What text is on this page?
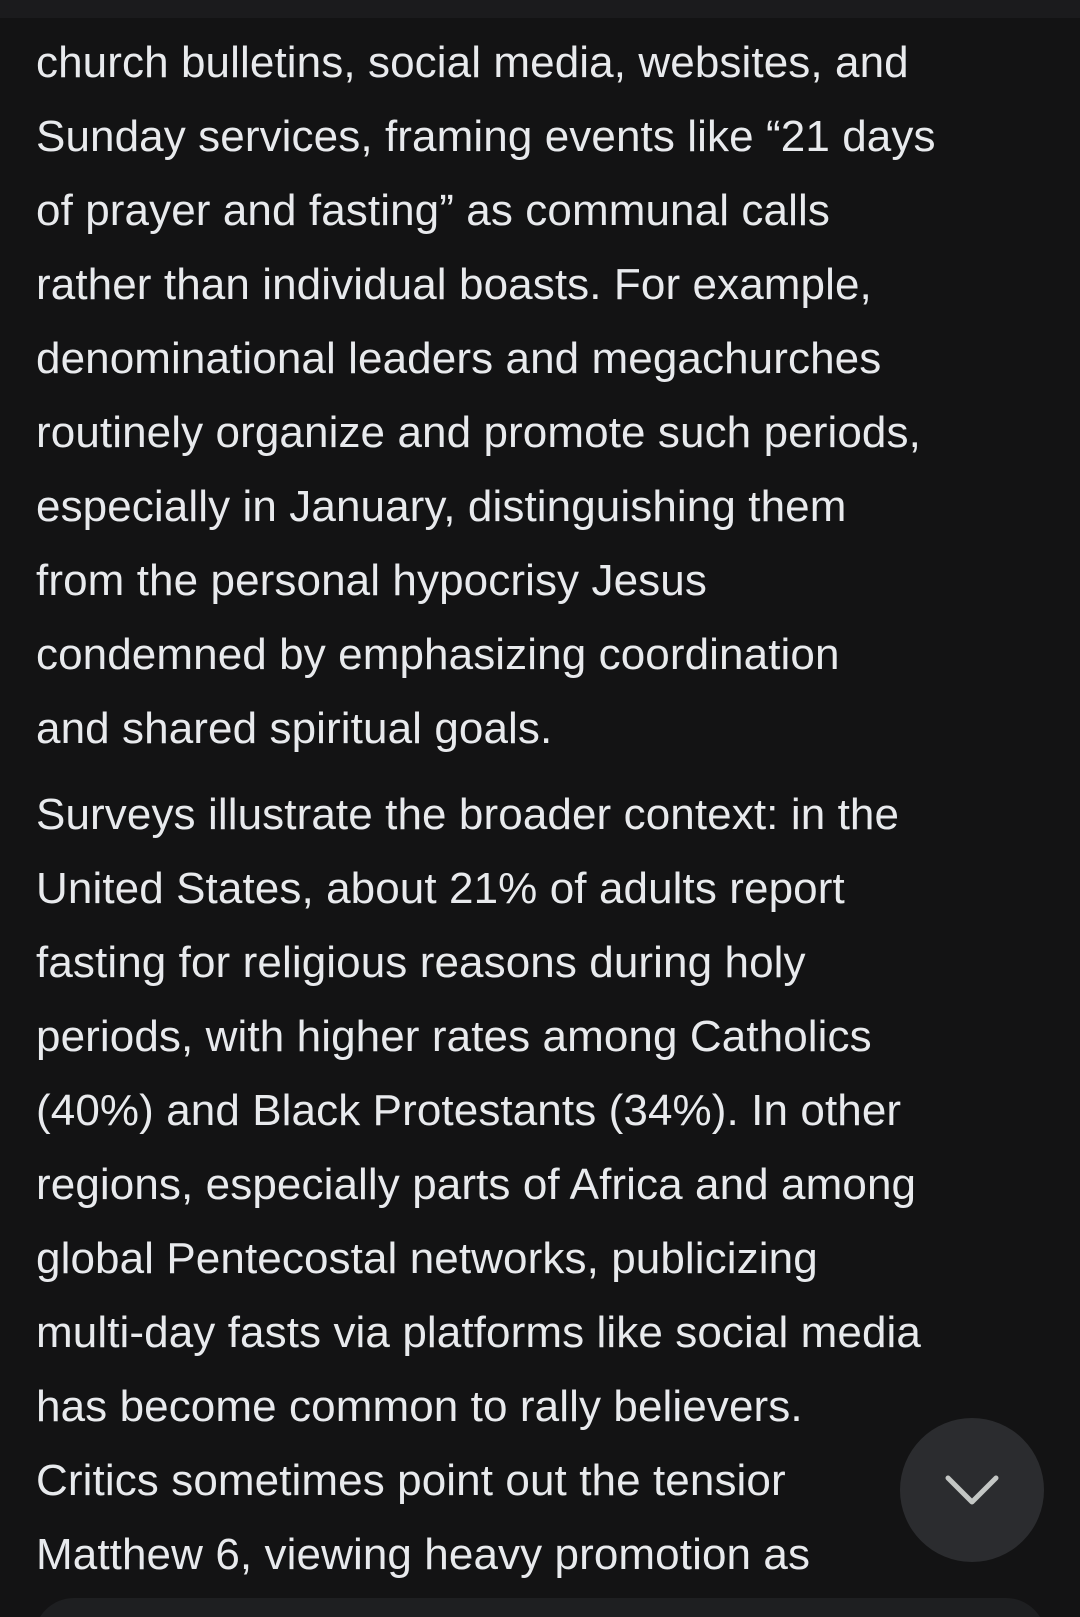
church bulletins, social media, websites, and
Sunday services, framing events like “21 days
of prayer and fasting” as communal calls
rather than individual boasts. For example,
denominational leaders and megachurches
routinely organize and promote such periods,
especially in January, distinguishing them
from the personal hypocrisy Jesus
condemned by emphasizing coordination
and shared spiritual goals.

Surveys illustrate the broader context: in the
United States, about 21% of adults report
fasting for religious reasons during holy
periods, with higher rates among Catholics
(40%) and Black Protestants (34%). In other
regions, especially parts of Africa and among
global Pentecostal networks, publicizing
multi-day fasts via platforms like social media
has become common to rally believers.
Critics sometimes point out the tensior
Matthew 6, viewing heavy promotion as
